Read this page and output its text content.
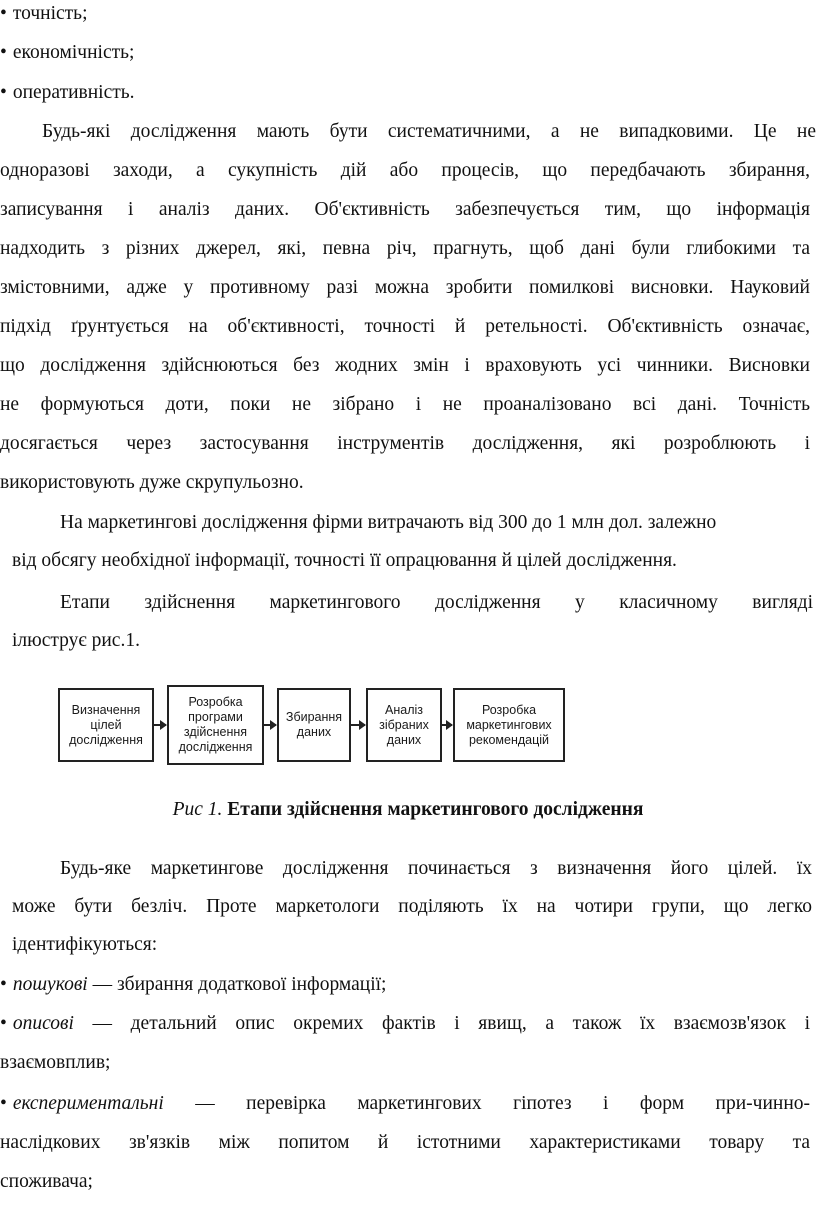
• точність;
• економічність;
• оперативність.
Будь-які дослідження мають бути систематичними, а не випадковими. Це не
одноразові заходи, а сукупність дій або процесів, що передбачають збирання,
записування і аналіз даних. Об'єктивність забезпечується тим, що інформація
надходить з різних джерел, які, певна річ, прагнуть, щоб дані були глибокими та
змістовними, адже у противному разі можна зробити помилкові висновки. Науковий
підхід ґрунтується на об'єктивності, точності й ретельності. Об'єктивність означає,
що дослідження здійснюються без жодних змін і враховують усі чинники. Висновки
не формуються доти, поки не зібрано і не проаналізовано всі дані. Точність
досягається через застосування інструментів дослідження, які розроблюють і
використовують дуже скрупульозно.
На маркетингові дослідження фірми витрачають від 300 до 1 млн дол. залежно
від обсягу необхідної інформації, точності її опрацювання й цілей дослідження.
Етапи здійснення маркетингового дослідження у класичному вигляді
ілюструє рис.1.
Визначення
цілей
дослідження
Розробка
програми
здійснення
дослідження
Збирання
даних
Аналіз
зібраних
даних
Розробка
маркетингових
рекомендацій
Рис 1. Етапи здійснення маркетингового дослідження
Будь-яке маркетингове дослідження починається з визначення його цілей. їх
може бути безліч. Проте маркетологи поділяють їх на чотири групи, що легко
ідентифікуються:
• пошукові — збирання додаткової інформації;
• описові — детальний опис окремих фактів і явищ, а також їх взаємозв'язок і
взаємовплив;
• експериментальні — перевірка маркетингових гіпотез і форм при-чинно-
наслідкових зв'язків між попитом й істотними характеристиками товару та
споживача;
